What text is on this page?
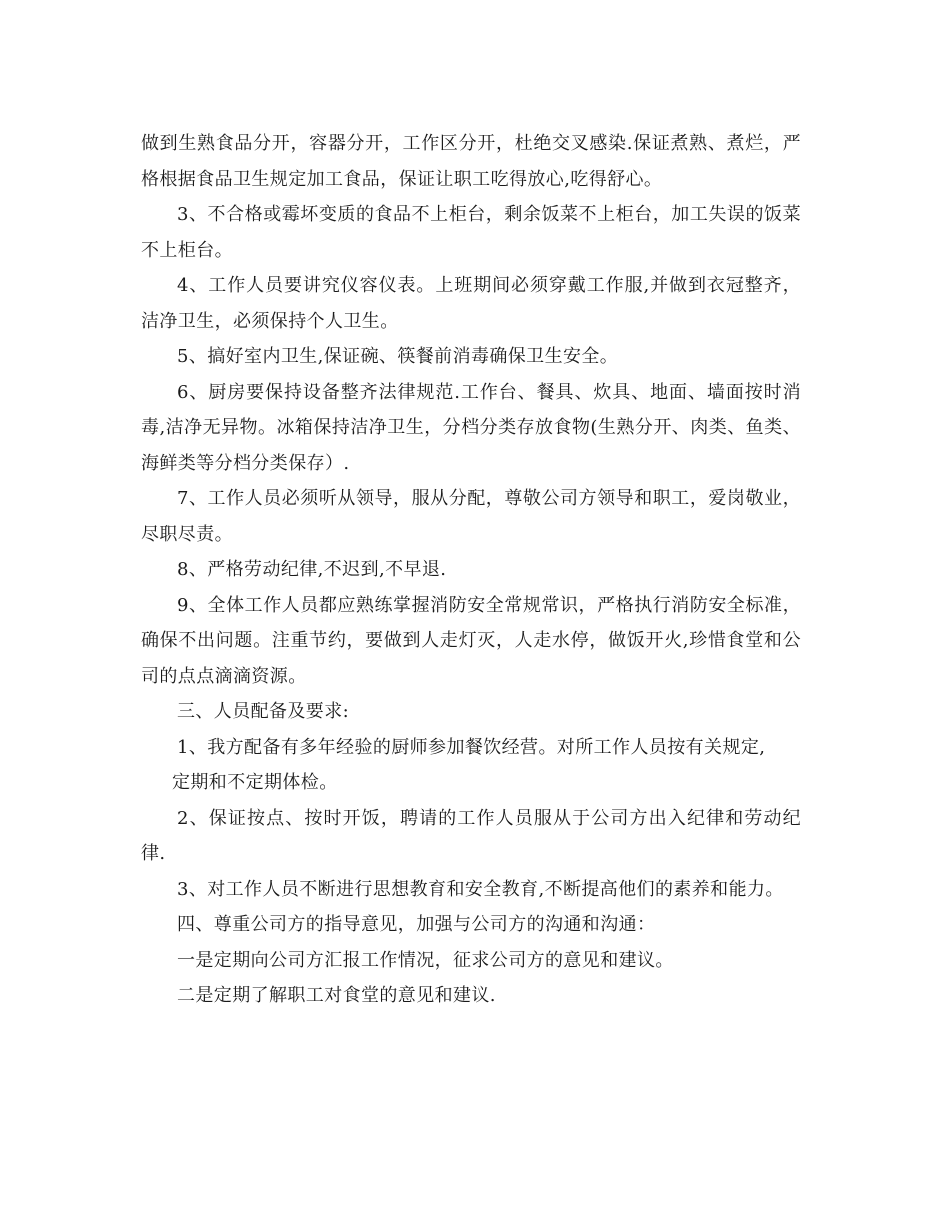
做到生熟食品分开，容器分开，工作区分开，杜绝交叉感染.保证煮熟、煮烂，严格根据食品卫生规定加工食品，保证让职工吃得放心,吃得舒心。

3、不合格或霉坏变质的食品不上柜台，剩余饭菜不上柜台，加工失误的饭菜不上柜台。

4、工作人员要讲究仪容仪表。上班期间必须穿戴工作服,并做到衣冠整齐，洁净卫生，必须保持个人卫生。

5、搞好室内卫生,保证碗、筷餐前消毒确保卫生安全。

6、厨房要保持设备整齐法律规范.工作台、餐具、炊具、地面、墙面按时消毒,洁净无异物。冰箱保持洁净卫生，分档分类存放食物(生熟分开、肉类、鱼类、海鲜类等分档分类保存）.

7、工作人员必须听从领导，服从分配，尊敬公司方领导和职工，爱岗敬业，尽职尽责。

8、严格劳动纪律,不迟到,不早退.

9、全体工作人员都应熟练掌握消防安全常规常识，严格执行消防安全标准，确保不出问题。注重节约，要做到人走灯灭，人走水停，做饭开火,珍惜食堂和公司的点点滴滴资源。

三、人员配备及要求:

1、我方配备有多年经验的厨师参加餐饮经营。对所工作人员按有关规定,

定期和不定期体检。

2、保证按点、按时开饭，聘请的工作人员服从于公司方出入纪律和劳动纪律.

3、对工作人员不断进行思想教育和安全教育,不断提高他们的素养和能力。

四、尊重公司方的指导意见，加强与公司方的沟通和沟通：

一是定期向公司方汇报工作情况，征求公司方的意见和建议。

二是定期了解职工对食堂的意见和建议.
